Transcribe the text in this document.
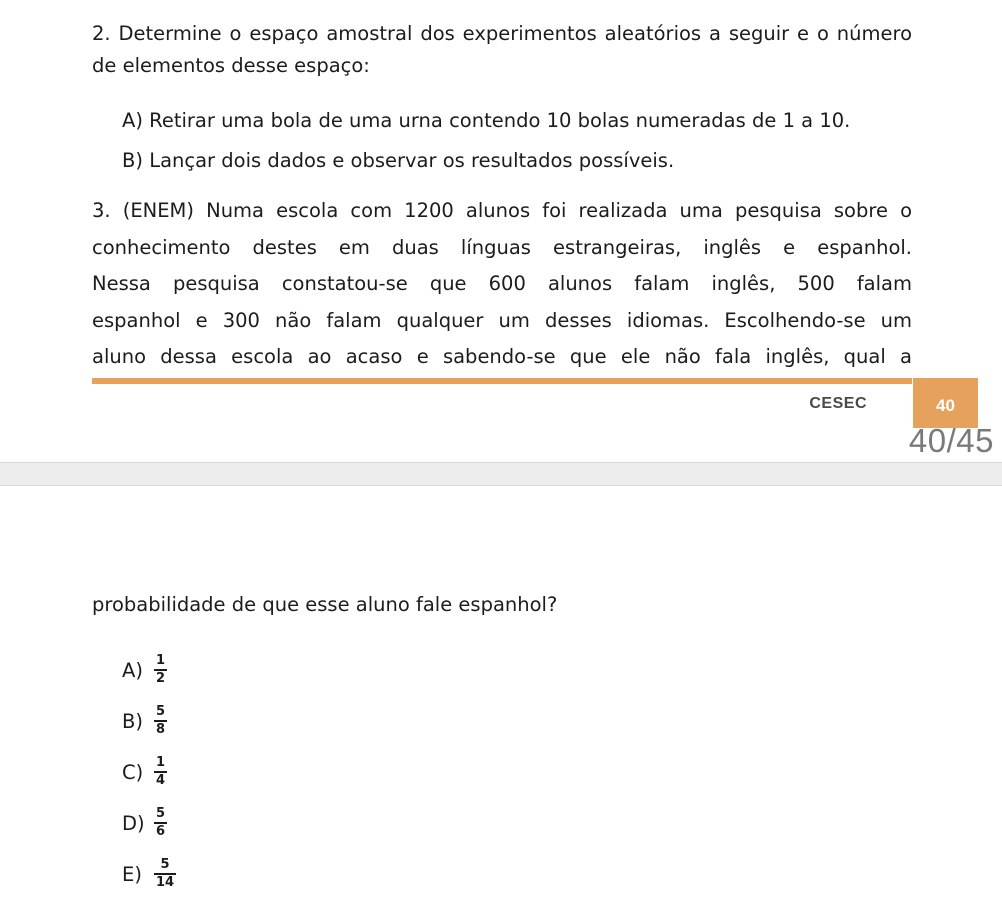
2. Determine o espaço amostral dos experimentos aleatórios a seguir e o número de elementos desse espaço:
A) Retirar uma bola de uma urna contendo 10 bolas numeradas de 1 a 10.
B) Lançar dois dados e observar os resultados possíveis.
3. (ENEM) Numa escola com 1200 alunos foi realizada uma pesquisa sobre o
conhecimento destes em duas línguas estrangeiras, inglês e espanhol.
Nessa pesquisa constatou-se que 600 alunos falam inglês, 500 falam
espanhol e 300 não falam qualquer um desses idiomas. Escolhendo-se um
aluno dessa escola ao acaso e sabendo-se que ele não fala inglês, qual a
CESEC	40
40/45
probabilidade de que esse aluno fale espanhol?
$A) \frac{1}{2}$
$B) \frac{5}{8}$
$C) \frac{1}{4}$
$D) \frac{5}{6}$
$E) \frac{5}{14}$
